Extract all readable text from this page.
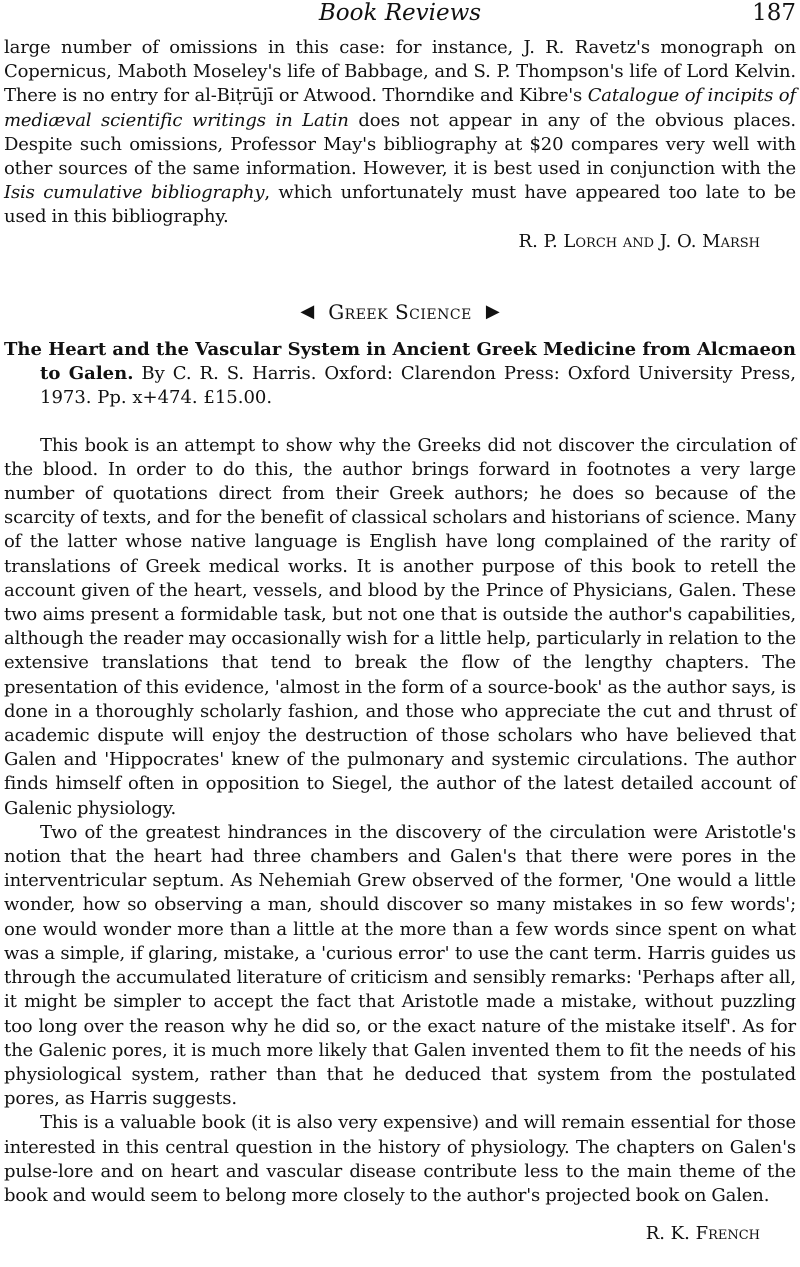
Book Reviews	187

large number of omissions in this case: for instance, J. R. Ravetz's monograph on Copernicus, Maboth Moseley's life of Babbage, and S. P. Thompson's life of Lord Kelvin. There is no entry for al-Biṭrūjī or Atwood. Thorndike and Kibre's Catalogue of incipits of mediæval scientific writings in Latin does not appear in any of the obvious places. Despite such omissions, Professor May's bibliography at $20 compares very well with other sources of the same information. However, it is best used in conjunction with the Isis cumulative bibliography, which unfortunately must have appeared too late to be used in this bibliography.

R. P. Lorch and J. O. Marsh
◀ Greek Science ▶
The Heart and the Vascular System in Ancient Greek Medicine from Alcmaeon to Galen. By C. R. S. Harris. Oxford: Clarendon Press: Oxford University Press, 1973. Pp. x+474. £15.00.

This book is an attempt to show why the Greeks did not discover the circulation of the blood. In order to do this, the author brings forward in footnotes a very large number of quotations direct from their Greek authors; he does so because of the scarcity of texts, and for the benefit of classical scholars and historians of science. Many of the latter whose native language is English have long complained of the rarity of translations of Greek medical works. It is another purpose of this book to retell the account given of the heart, vessels, and blood by the Prince of Physicians, Galen. These two aims present a formidable task, but not one that is outside the author's capabilities, although the reader may occasionally wish for a little help, particularly in relation to the extensive translations that tend to break the flow of the lengthy chapters. The presentation of this evidence, 'almost in the form of a source-book' as the author says, is done in a thoroughly scholarly fashion, and those who appreciate the cut and thrust of academic dispute will enjoy the destruction of those scholars who have believed that Galen and 'Hippocrates' knew of the pulmonary and systemic circulations. The author finds himself often in opposition to Siegel, the author of the latest detailed account of Galenic physiology.

Two of the greatest hindrances in the discovery of the circulation were Aristotle's notion that the heart had three chambers and Galen's that there were pores in the interventricular septum. As Nehemiah Grew observed of the former, 'One would a little wonder, how so observing a man, should discover so many mistakes in so few words'; one would wonder more than a little at the more than a few words since spent on what was a simple, if glaring, mistake, a 'curious error' to use the cant term. Harris guides us through the accumulated literature of criticism and sensibly remarks: 'Perhaps after all, it might be simpler to accept the fact that Aristotle made a mistake, without puzzling too long over the reason why he did so, or the exact nature of the mistake itself'. As for the Galenic pores, it is much more likely that Galen invented them to fit the needs of his physiological system, rather than that he deduced that system from the postulated pores, as Harris suggests.

This is a valuable book (it is also very expensive) and will remain essential for those interested in this central question in the history of physiology. The chapters on Galen's pulse-lore and on heart and vascular disease contribute less to the main theme of the book and would seem to belong more closely to the author's projected book on Galen.

R. K. French
